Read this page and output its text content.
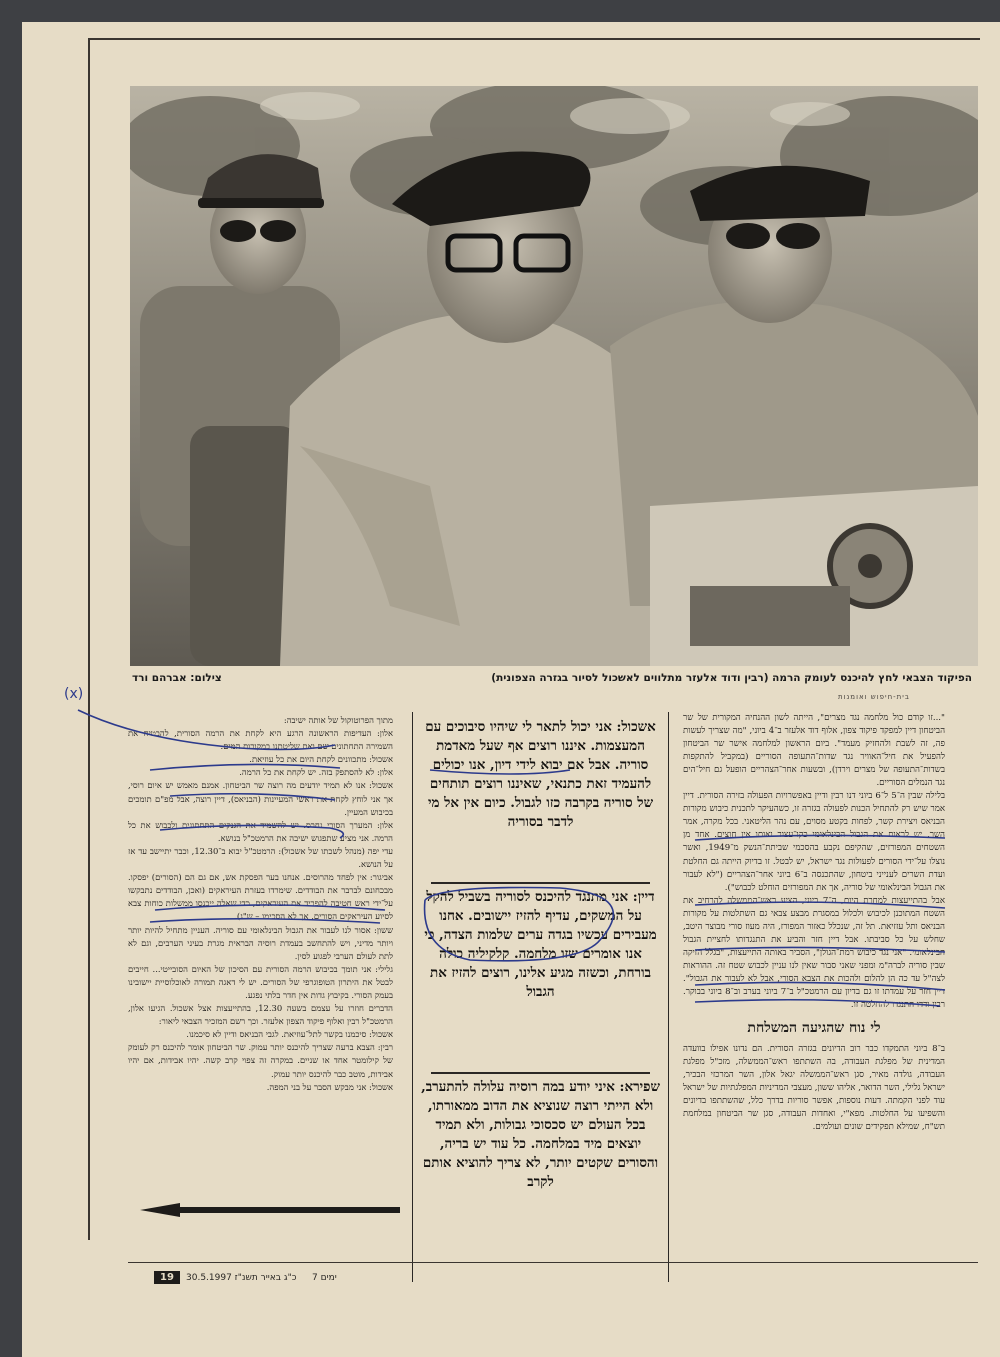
הפיקוד הצבאי לחץ להיכנס לעומק הרמה (רבין ודוד אלעזר מתלווים לאשכול לסיור בגזרה הצפונית)
צילום: אברהם ורד
בית-חיפוש ואומנות

"...זו קודם כול מלחמה נגד מצרים", הייתה לשון ההנחיה המקורית של שר הביטחון דיין למפקד פיקוד צפון, אלוף דוד אלעזר ב־4 ביוני, "מה שצריך לעשות פה, זה לשבת ולהחזיק מעמד". ביום הראשון למלחמה אישר שר הביטחון להפעיל את חיל־האוויר נגד שדות־התעופה הסוריים (במקביל להתקפות בשדות־התעופה של מצרים וירדן), ובשעות אחר־הצהריים הופעל גם חיל־הים נגד הנמלים הסוריים.

בלילה שבין ה־5 ל־6 ביוני דנו רבין ודיין באפשרויות הפעולה בזירה הסורית. דיין אמר שיש רק להתחיל הכנות לפעולה בגזרה זו, כשהעיקר לתכנית כיבוש מקורות הבניאס ויצירת קשר, לפחות בקטע מסוים, עם נהר הליטאני. בכל מקרה, אמר השר, יש לראות את הגבול הבינלאומי כקו־עצור ואותו אין חוצים. אחד מן השטחים המפורזים, שהקיפם נקבע בהסכמי שביתת־הנשק מ־1949, ואשר נוצלו על־ידי הסורים לפעולות נגד ישראל, יש לבטל. זו בדיוק הייתה גם החלטת ועדת השרים לענייני ביטחון, שהתכנסה ב־6 ביוני אחר־הצהריים ("לא לעבור את הגבול הבינלאומי של סוריה, אך את המפורזים הוחלט לכבוש").

אבל בהתייעצות למחרת היום, ה־7 ביוני, הציע ראש־הממשלה להרחיב את השטח המתוכנן לכיבוש ולכלול במסגרת מבצע צבאי גם השתלטות על מקורות הבניאס ותל עזזיאת. תל זה, שנכלל כאזור המפורז, היה מעוז סורי מבוצר היטב, שחלש על כל סביבתו. אבל דיין חזר והביע את התנגדותו לחציית הגבול הבינלאומי. "אני נגד כיבוש רמת־הגולן", הסביר באותה התייעצות, "בגלל הזיקה שבין סוריה לברה"מ ומפני שאני סבור שאין לנו עניין לכבוש שטח זה. ההוראות לצה"ל עד כה הן להלום ולהכות את הצבא הסורי, אבל לא לעבור את הגבול". דיין חזר על עמדתו זו גם בדיון עם הרמטכ"ל ב־7 ביוני בערב וב־8 ביוני בבוקר. רבין ודדו התנגדו להחלטה זו.

לי נוח שהגיעה המשלחת

ב־8 ביוני התמקדו כבר רוב הדיונים בגזרה הסורית. הם נדונו אפילו בוועדה המדינית של מפלגת העבודה, בה השתתפו ראש־הממשלה, מזכ"ל מפלגת העבודה, גולדה מאיר, סגן ראש־הממשלה יגאל אלון, השר המרכזי הבכיר, ישראל גלילי, השר הדואר, אליהו ששון, מעצבי המדיניות המפלגתיות של ישראל עוד לפני הקמתה. דעות נוספות, אפשר סוריות בדרך כלל, שהשתתפו בדיונים והשפיעו על החלטות. מפא"י, ואחדות העבודה, סגן שר הביטחון במלחמת תש"ח, שמילא תפקידים שונים ועולמים.

אשכול: אני יכול לתאר לי שיהיו סיבוכים עם המעצמות. איננו רוצים אף שעל מאדמת סוריה. אבל אם יבוא לידי דיון, אנו יכולים להעמיד זאת כתנאי, שאיננו רוצים תותחים של סוריה בקרבה כזו לגבול. כיום אין אל מי לדבר בסוריה

דיין: אני מתנגד להיכנס לסוריה בשביל להקל על המשקים, עדיף להזיז יישובים. אחנו מעבירים עכשיו בגדה ערים שלמות הצדה, כי אנו אומרים שזו מלחמה. קלקיליה כולה בורחת, וכשזה מגיע אלינו, רוצים להזיז את הגבול

שפירא: איני יודע במה רוסיה עלולה להתערב, ולא הייתי רוצה שנוציא את הדוב ממאורתו, בכל העולם יש סכסוכי גבולות, ולא תמיד יוצאים מיד במלחמה. כל עוד יש בריה, והסורים שקטים יותר, לא צריך להוציא אותם לקרב

מתוך הפרוטוקול של אותה ישיבה:

אלון: העדיפות הראשונה הרגע היא לקחת את הרמה הסורית, להבטיח את השמירה התחתונים שם ואת שליטתנו במקורות המים.

אשכול: מתכוונים לקחת היום את כל עוזיאת.

אלון: לא להסתפק בזה. יש לקחת את כל הרמה.

אשכול: אנו לא תמיד יודעים מה רוצה שר הביטחון. אמנם מאמש יש איום רוסי, אך אני לוחץ לקחת את ראשי המעיינות (הבניאס), דיין רוצה, אבל מפ"ם תומכים בכיבוש המעיין.

אלון: המערך הסורי נחרס. יש להשמיד את הגנקים התחתונים ולכבוש את כל הרמה. אני מציע שתפגוש ישיבה את הרמטכ"ל בנושא.

עדי יפה (מנהל לשכתו של אשכול): הרמטכ"ל יבוא ב־12.30, וכבר יתיישב עד אז על הנושא.

אביגור: אין לפחד מהרוסים. אנחנו בער הפסקת אש, אם גם הם (הסורים) יפסקו. מבכחונם לברבר את הבודדים. שימרדו בעזרת העיראקים (ואכן, הבודדים נתבקשו על־ידי ראש חטיבה להפריד את העיראקים, כדי שאלה ייכנסו ממשלות כוחות צבא לסיוע העיראקים הסורים, אך לא הסכימו – ש"ג).

ששון: אסור לנו לעבור את הגבול הבינלאומי עם סוריה. העניין מתחיל להיות יותר ויותר מדיני, ויש להתחשב בעמדת רוסיה הבראית מגרת בעיני הערבים, וגם לא לתת לעולם הערבי לפגוע לסין.

גלילי: אני תומך בכיבוש הרמה הסורית עם הסיכון של האיום הסובייטי... חייבים לבטל את היתרון הטופוגרפי של הסורים. יש לי דאגה תמורה לאוכלוסיית יישובינו בעמק הסורי. בקיבוץ גדות אין חדר בלתי נפגע.

הדברים חוזרו על עצמם בשעה 12.30, בהתייעצות אצל אשכול. הגיעו אלון, הרמטכ"ל רבין ואלוף פיקוד הצפון אלעזר. וכך רשם המזכיר הצבאי ליאור:

אשכול: סיכמנו בקשר לתל־עוזיאת. לגבי הבניאס ודיין לא סיכמנו.

רבין: הצבא ברעה שצריך להיכנס יותר עמוק. שר הביטחון אומר להיכנס רק לעומק של קילומטר אחד או שניים. במקרה זה צפוי קרב קשה. יהיו אבידות, אם יהיו אבידות, מוטב כבר להיכנס יותר עמוק.

אשכול: אני מבקש הסבר על בני המפה.

(x)
19	30.5.1997 כ"ג באייר תשנ"ז 7 ימים
